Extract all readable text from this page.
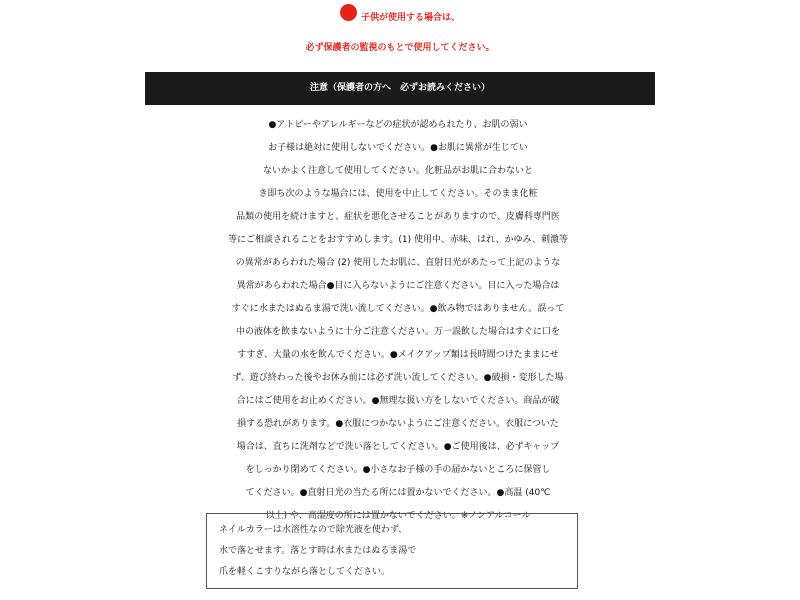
子供が使用する場合は、
必ず保護者の監視のもとで使用してください。
注意（保護者の方へ　必ずお読みください）
●アトピーやアレルギーなどの症状が認められたり、お肌の弱い
お子様は絶対に使用しないでください。●お肌に異常が生じてい
ないかよく注意して使用してください。化粧品がお肌に合わないと
き即ち次のような場合には、使用を中止してください。そのまま化粧
品類の使用を続けますと、症状を悪化させることがありますので、皮膚科専門医
等にご相談されることをおすすめします。(1) 使用中、赤味、はれ、かゆみ、刺激等
の異常があらわれた場合 (2) 使用したお肌に、直射日光があたって上記のような
異常があらわれた場合●目に入らないようにご注意ください。目に入った場合は
すぐに水またはぬるま湯で洗い流してください。●飲み物ではありません。誤って
中の液体を飲まないように十分ご注意ください。万一誤飲した場合はすぐに口を
すすぎ、大量の水を飲んでください。●メイクアップ類は長時間つけたままにせ
ず、遊び終わった後やお休み前には必ず洗い流してください。●破損・変形した場
合にはご使用をお止めください。●無理な扱い方をしないでください。商品が破
損する恐れがあります。●衣服につかないようにご注意ください。衣服についた
場合は、直ちに洗剤などで洗い落としてください。●ご使用後は、必ずキャップ
をしっかり閉めてください。●小さなお子様の手の届かないところに保管し
てください。●直射日光の当たる所には置かないでください。●高温 (40℃
以上) や、高湿度の所には置かないでください。※ノンアルコール
ネイルカラーは水溶性なので除光液を使わず、
水で落とせます。落とす時は水またはぬるま湯で
爪を軽くこすりながら落としてください。
